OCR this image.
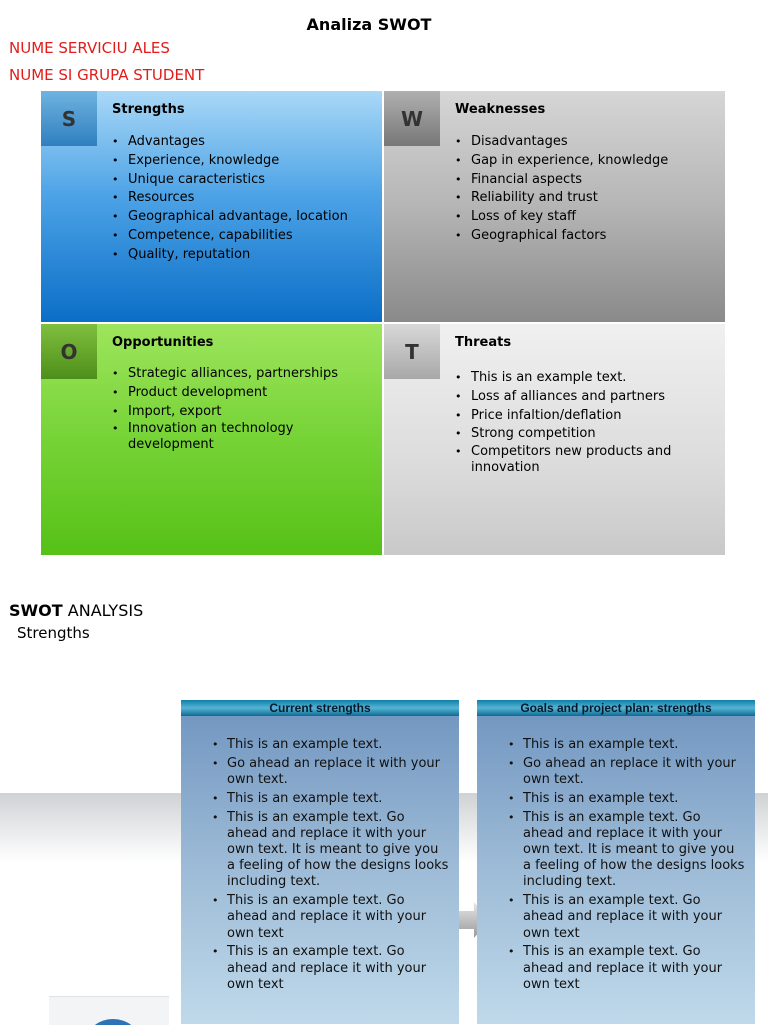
Analiza SWOT
NUME SERVICIU ALES
NUME SI GRUPA STUDENT
S	Strengths
• Advantages
• Experience, knowledge
• Unique caracteristics
• Resources
• Geographical advantage, location
• Competence, capabilities
• Quality, reputation
W	Weaknesses
• Disadvantages
• Gap in experience, knowledge
• Financial aspects
• Reliability and trust
• Loss of key staff
• Geographical factors
O	Opportunities
• Strategic alliances, partnerships
• Product development
• Import, export
• Innovation an technology development
T	Threats
• This is an example text.
• Loss af alliances and partners
• Price infaltion/deflation
• Strong competition
• Competitors new products and innovation
SWOT ANALYSIS
Strengths
Current strengths
• This is an example text.
• Go ahead an replace it with your own text.
• This is an example text.
• This is an example text. Go ahead and replace it with your own text. It is meant to give you a feeling of how the designs looks including text.
• This is an example text. Go ahead and replace it with your own text
• This is an example text. Go ahead and replace it with your own text
Goals and project plan: strengths
• This is an example text.
• Go ahead an replace it with your own text.
• This is an example text.
• This is an example text. Go ahead and replace it with your own text. It is meant to give you a feeling of how the designs looks including text.
• This is an example text. Go ahead and replace it with your own text
• This is an example text. Go ahead and replace it with your own text
